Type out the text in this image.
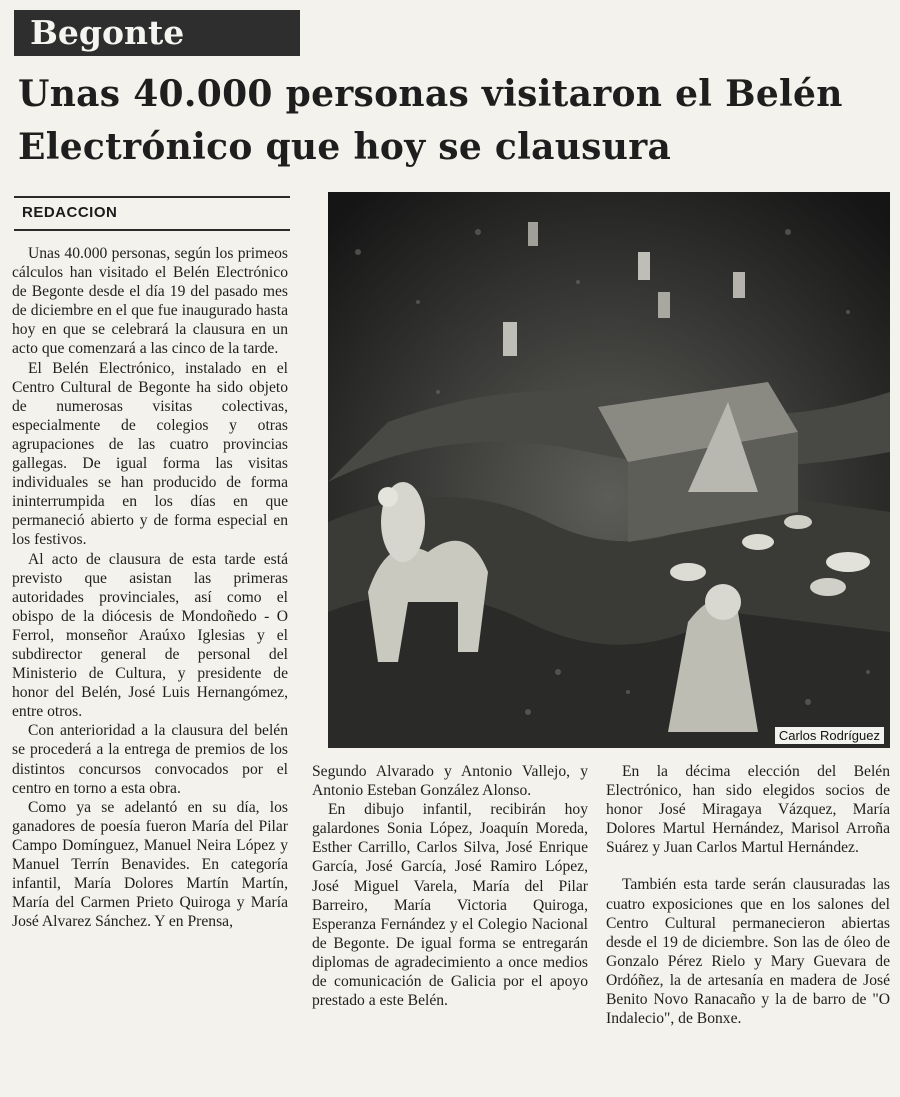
Begonte
Unas 40.000 personas visitaron el Belén Electrónico que hoy se clausura
REDACCION

Unas 40.000 personas, según los primeos cálculos han visitado el Belén Electrónico de Begonte desde el día 19 del pasado mes de diciembre en el que fue inaugurado hasta hoy en que se celebrará la clausura en un acto que comenzará a las cinco de la tarde.

El Belén Electrónico, instalado en el Centro Cultural de Begonte ha sido objeto de numerosas visitas colectivas, especialmente de colegios y otras agrupaciones de las cuatro provincias gallegas. De igual forma las visitas individuales se han producido de forma ininterrumpida en los días en que permaneció abierto y de forma especial en los festivos.

Al acto de clausura de esta tarde está previsto que asistan las primeras autoridades provinciales, así como el obispo de la diócesis de Mondoñedo - O Ferrol, monseñor Araúxo Iglesias y el subdirector general de personal del Ministerio de Cultura, y presidente de honor del Belén, José Luis Hernangómez, entre otros.

Con anterioridad a la clausura del belén se procederá a la entrega de premios de los distintos concursos convocados por el centro en torno a esta obra.

Como ya se adelantó en su día, los ganadores de poesía fueron María del Pilar Campo Domínguez, Manuel Neira López y Manuel Terrín Benavides. En categoría infantil, María Dolores Martín Martín, María del Carmen Prieto Quiroga y María José Alvarez Sánchez. Y en Prensa,

Carlos Rodríguez

Segundo Alvarado y Antonio Vallejo, y Antonio Esteban González Alonso.

En dibujo infantil, recibirán hoy galardones Sonia López, Joaquín Moreda, Esther Carrillo, Carlos Silva, José Enrique García, José García, José Ramiro López, José Miguel Varela, María del Pilar Barreiro, María Victoria Quiroga, Esperanza Fernández y el Colegio Nacional de Begonte. De igual forma se entregarán diplomas de agradecimiento a once medios de comunicación de Galicia por el apoyo prestado a este Belén.

En la décima elección del Belén Electrónico, han sido elegidos socios de honor José Miragaya Vázquez, María Dolores Martul Hernández, Marisol Arroña Suárez y Juan Carlos Martul Hernández.

También esta tarde serán clausuradas las cuatro exposiciones que en los salones del Centro Cultural permanecieron abiertas desde el 19 de diciembre. Son las de óleo de Gonzalo Pérez Rielo y Mary Guevara de Ordóñez, la de artesanía en madera de José Benito Novo Ranacaño y la de barro de "O Indalecio", de Bonxe.
